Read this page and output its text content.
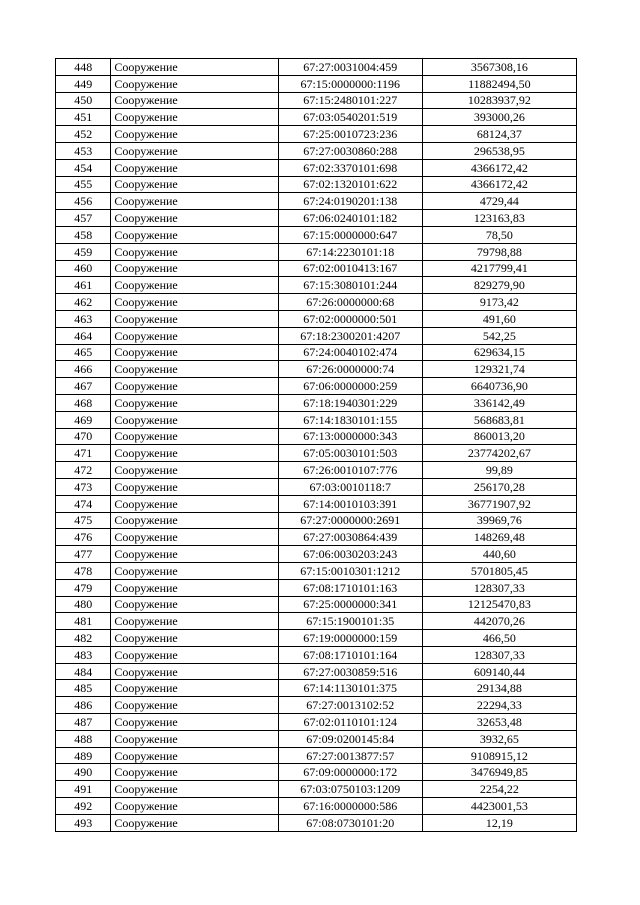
448	Сооружение	67:27:0031004:459	3567308,16
449	Сооружение	67:15:0000000:1196	11882494,50
450	Сооружение	67:15:2480101:227	10283937,92
451	Сооружение	67:03:0540201:519	393000,26
452	Сооружение	67:25:0010723:236	68124,37
453	Сооружение	67:27:0030860:288	296538,95
454	Сооружение	67:02:3370101:698	4366172,42
455	Сооружение	67:02:1320101:622	4366172,42
456	Сооружение	67:24:0190201:138	4729,44
457	Сооружение	67:06:0240101:182	123163,83
458	Сооружение	67:15:0000000:647	78,50
459	Сооружение	67:14:2230101:18	79798,88
460	Сооружение	67:02:0010413:167	4217799,41
461	Сооружение	67:15:3080101:244	829279,90
462	Сооружение	67:26:0000000:68	9173,42
463	Сооружение	67:02:0000000:501	491,60
464	Сооружение	67:18:2300201:4207	542,25
465	Сооружение	67:24:0040102:474	629634,15
466	Сооружение	67:26:0000000:74	129321,74
467	Сооружение	67:06:0000000:259	6640736,90
468	Сооружение	67:18:1940301:229	336142,49
469	Сооружение	67:14:1830101:155	568683,81
470	Сооружение	67:13:0000000:343	860013,20
471	Сооружение	67:05:0030101:503	23774202,67
472	Сооружение	67:26:0010107:776	99,89
473	Сооружение	67:03:0010118:7	256170,28
474	Сооружение	67:14:0010103:391	36771907,92
475	Сооружение	67:27:0000000:2691	39969,76
476	Сооружение	67:27:0030864:439	148269,48
477	Сооружение	67:06:0030203:243	440,60
478	Сооружение	67:15:0010301:1212	5701805,45
479	Сооружение	67:08:1710101:163	128307,33
480	Сооружение	67:25:0000000:341	12125470,83
481	Сооружение	67:15:1900101:35	442070,26
482	Сооружение	67:19:0000000:159	466,50
483	Сооружение	67:08:1710101:164	128307,33
484	Сооружение	67:27:0030859:516	609140,44
485	Сооружение	67:14:1130101:375	29134,88
486	Сооружение	67:27:0013102:52	22294,33
487	Сооружение	67:02:0110101:124	32653,48
488	Сооружение	67:09:0200145:84	3932,65
489	Сооружение	67:27:0013877:57	9108915,12
490	Сооружение	67:09:0000000:172	3476949,85
491	Сооружение	67:03:0750103:1209	2254,22
492	Сооружение	67:16:0000000:586	4423001,53
493	Сооружение	67:08:0730101:20	12,19
